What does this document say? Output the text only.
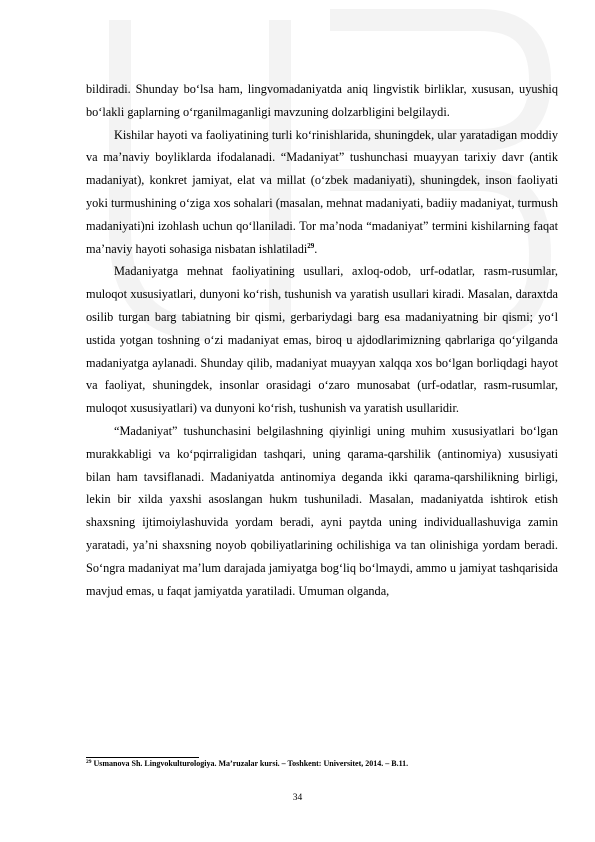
bildiradi. Shunday bo‘lsa ham, lingvomadaniyatda aniq lingvistik birliklar, xususan, uyushiq bo‘lakli gaplarning o‘rganilmaganligi mavzuning dolzarbligini belgilaydi.

Kishilar hayoti va faoliyatining turli ko‘rinishlarida, shuningdek, ular yaratadigan moddiy va ma’naviy boyliklarda ifodalanadi. “Madaniyat” tushunchasi muayyan tarixiy davr (antik madaniyat), konkret jamiyat, elat va millat (o‘zbek madaniyati), shuningdek, inson faoliyati yoki turmushining o‘ziga xos sohalari (masalan, mehnat madaniyati, badiiy madaniyat, turmush madaniyati)ni izohlash uchun qo‘llaniladi. Tor ma’noda “madaniyat” termini kishilarning faqat ma’naviy hayoti sohasiga nisbatan ishlatiladi$^{29}$.

Madaniyatga mehnat faoliyatining usullari, axloq-odob, urf-odatlar, rasm-rusumlar, muloqot xususiyatlari, dunyoni ko‘rish, tushunish va yaratish usullari kiradi. Masalan, daraxtda osilib turgan barg tabiatning bir qismi, gerbariydagi barg esa madaniyatning bir qismi; yo‘l ustida yotgan toshning o‘zi madaniyat emas, biroq u ajdodlarimizning qabrlariga qo‘yilganda madaniyatga aylanadi. Shunday qilib, madaniyat muayyan xalqqa xos bo‘lgan borliqdagi hayot va faoliyat, shuningdek, insonlar orasidagi o‘zaro munosabat (urf-odatlar, rasm-rusumlar, muloqot xususiyatlari) va dunyoni ko‘rish, tushunish va yaratish usullaridir.

“Madaniyat” tushunchasini belgilashning qiyinligi uning muhim xususiyatlari bo‘lgan murakkabligi va ko‘pqirraligidan tashqari, uning qarama-qarshilik (antinomiya) xususiyati bilan ham tavsiflanadi. Madaniyatda antinomiya deganda ikki qarama-qarshilikning birligi, lekin bir xilda yaxshi asoslangan hukm tushuniladi. Masalan, madaniyatda ishtirok etish shaxsning ijtimoiylashuvida yordam beradi, ayni paytda uning individuallashuviga zamin yaratadi, ya’ni shaxsning noyob qobiliyatlarining ochilishiga va tan olinishiga yordam beradi. So‘ngra madaniyat ma’lum darajada jamiyatga bog‘liq bo‘lmaydi, ammo u jamiyat tashqarisida mavjud emas, u faqat jamiyatda yaratiladi. Umuman olganda,

$^{29}$ Usmanova Sh. Lingvokulturologiya. Ma’ruzalar kursi. – Toshkent: Universitet, 2014. – B.11.
34
